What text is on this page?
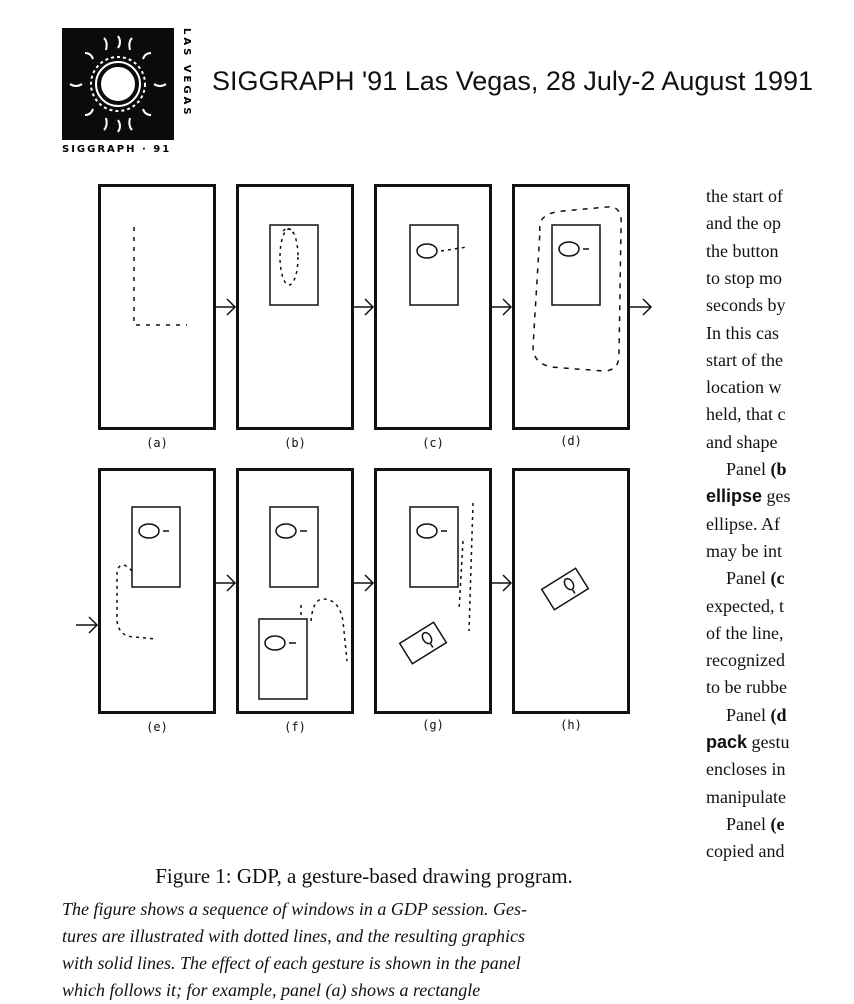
LAS VEGAS
SIGGRAPH · 91
SIGGRAPH '91 Las Vegas, 28 July-2 August 1991
(a)	(b)	(c)	(d)
(e)	(f)	(g)	(h)
Figure 1: GDP, a gesture-based drawing program.

The figure shows a sequence of windows in a GDP session. Ges-

tures are illustrated with dotted lines, and the resulting graphics

with solid lines. The effect of each gesture is shown in the panel

which follows it; for example, panel (a) shows a rectangle

the start of
and the op
the button
to stop mo
seconds by
In this cas
start of the
location w
held, that c
and shape
Panel (b
ellipse ges
ellipse. Af
may be int
Panel (c
expected, t
of the line,
recognized
to be rubbe
Panel (d
pack gestu
encloses in
manipulate
Panel (e
copied and
